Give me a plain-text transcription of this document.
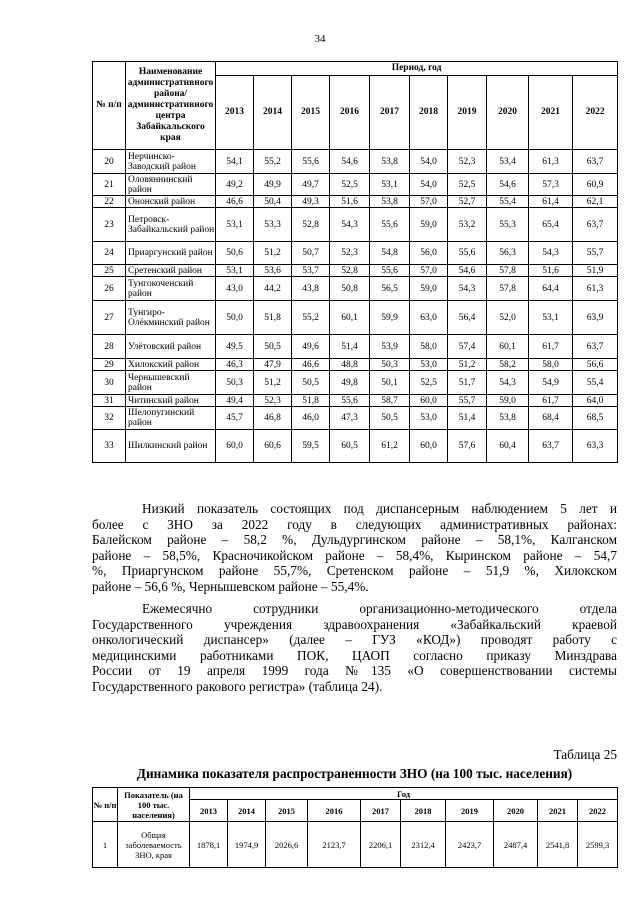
34
№ п/п	Наименование административного района/ административного центра Забайкальского края	Период, год									
		2013	2014	2015	2016	2017	2018	2019	2020	2021	2022
20	Нерчинско-Заводский район	54,1	55,2	55,6	54,6	53,8	54,0	52,3	53,4	61,3	63,7
21	Оловяннинский район	49,2	49,9	49,7	52,5	53,1	54,0	52,5	54,6	57,3	60,9
22	Ононский район	46,6	50,4	49,3	51,6	53,8	57,0	52,7	55,4	61,4	62,1
23	Петровск-Забайкальский район	53,1	53,3	52,8	54,3	55,6	59,0	53,2	55,3	65,4	63,7
24	Приаргунский район	50,6	51,2	50,7	52,3	54,8	56,0	55,6	56,3	54,3	55,7
25	Сретенский район	53,1	53,6	53,7	52,8	55,6	57,0	54,6	57,8	51,6	51,9
26	Тунгокоченский район	43,0	44,2	43,8	50,8	56,5	59,0	54,3	57,8	64,4	61,3
27	Тунгиро-Олёкминский район	50,0	51,8	55,2	60,1	59,9	63,0	56,4	52,0	53,1	63,9
28	Улётовский район	49,5	50,5	49,6	51,4	53,9	58,0	57,4	60,1	61,7	63,7
29	Хилокский район	46,3	47,9	46,6	48,8	50,3	53,0	51,2	58,2	58,0	56,6
30	Чернышевский район	50,3	51,2	50,5	49,8	50,1	52,5	51,7	54,3	54,9	55,4
31	Читинский район	49,4	52,3	51,8	55,6	58,7	60,0	55,7	59,0	61,7	64,0
32	Шелопугинский район	45,7	46,8	46,0	47,3	50,5	53,0	51,4	53,8	68,4	68,5
33	Шилкинский район	60,0	60,6	59,5	60,5	61,2	60,0	57,6	60,4	63,7	63,3
Низкий показатель состоящих под диспансерным наблюдением 5 лет и
более с ЗНО за 2022 году в следующих административных районах:
Балейском районе – 58,2 %, Дульдургинском районе – 58,1%, Калганском
районе – 58,5%, Красночикойском районе – 58,4%, Кыринском районе – 54,7
%, Приаргунском районе 55,7%, Сретенском районе – 51,9 %, Хилокском
районе – 56,6 %, Чернышевском районе – 55,4%.
Ежемесячно сотрудники организационно-методического отдела
Государственного учреждения здравоохранения «Забайкальский краевой
онкологический диспансер» (далее – ГУЗ «КОД») проводят работу с
медицинскими работниками ПОК, ЦАОП согласно приказу Минздрава
России от 19 апреля 1999 года №135 «О совершенствовании системы
Государственного ракового регистра» (таблица 24).
Таблица 25
Динамика показателя распространенности ЗНО (на 100 тыс. населения)
№ п/п	Показатель (на 100 тыс. населения)	Год									
		2013	2014	2015	2016	2017	2018	2019	2020	2021	2022
1	Общая заболеваемость ЗНО, края	1878,1	1974,9	2026,6	2123,7	2206,1	2312,4	2423,7	2487,4	2541,8	2599,3
